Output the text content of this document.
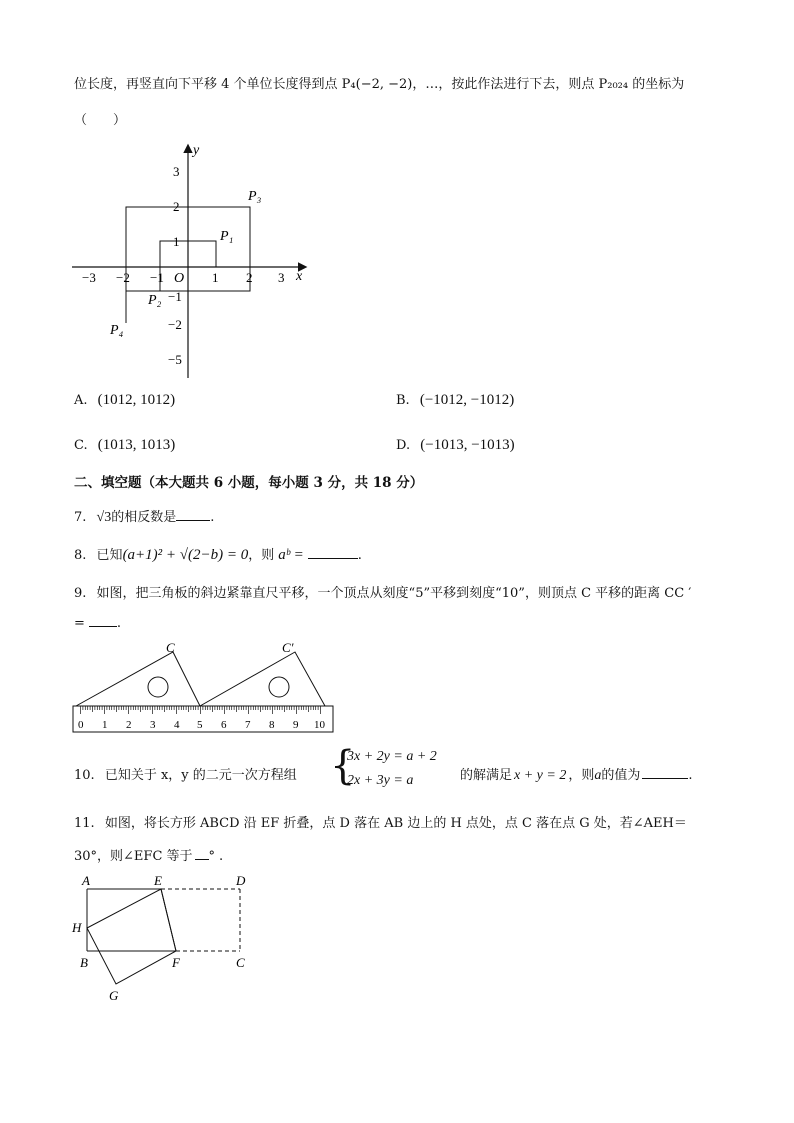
位长度，再竖直向下平移 4 个单位长度得到点 P₄(−2, −2)，…，按此作法进行下去，则点 P₂₀₂₄ 的坐标为
（　　）
−3 −2 −1	1 2 3
3
2
1
−1
−2
−5
O	x
y
P₁
P₂
P₃
P₄
A. (1012, 1012)	B. (−1012, −1012)
C. (1013, 1013)	D. (−1013, −1013)
二、填空题（本大题共 6 小题，每小题 3 分，共 18 分）
7. √3的相反数是	.
8. 已知(a+1)² + √(2−b) = 0，则 aᵇ =	.
9. 如图，把三角板的斜边紧靠直尺平移，一个顶点从刻度“5”平移到刻度“10”，则顶点 C 平移的距离 CC ′
= .
C	C′
0 1 2 3 4 5 6 7 8 9 10
10. 已知关于 x，y 的二元一次方程组 {
3x + 2y = a + 2
2x + 3y = a	的解满足 x + y = 2 ，则a的值为	.
11. 如图，将长方形 ABCD 沿 EF 折叠，点 D 落在 AB 边上的 H 点处，点 C 落在点 G 处，若∠AEH＝
30°，则∠EFC 等于 ° .
A	E	D
H
B	F	C
G
